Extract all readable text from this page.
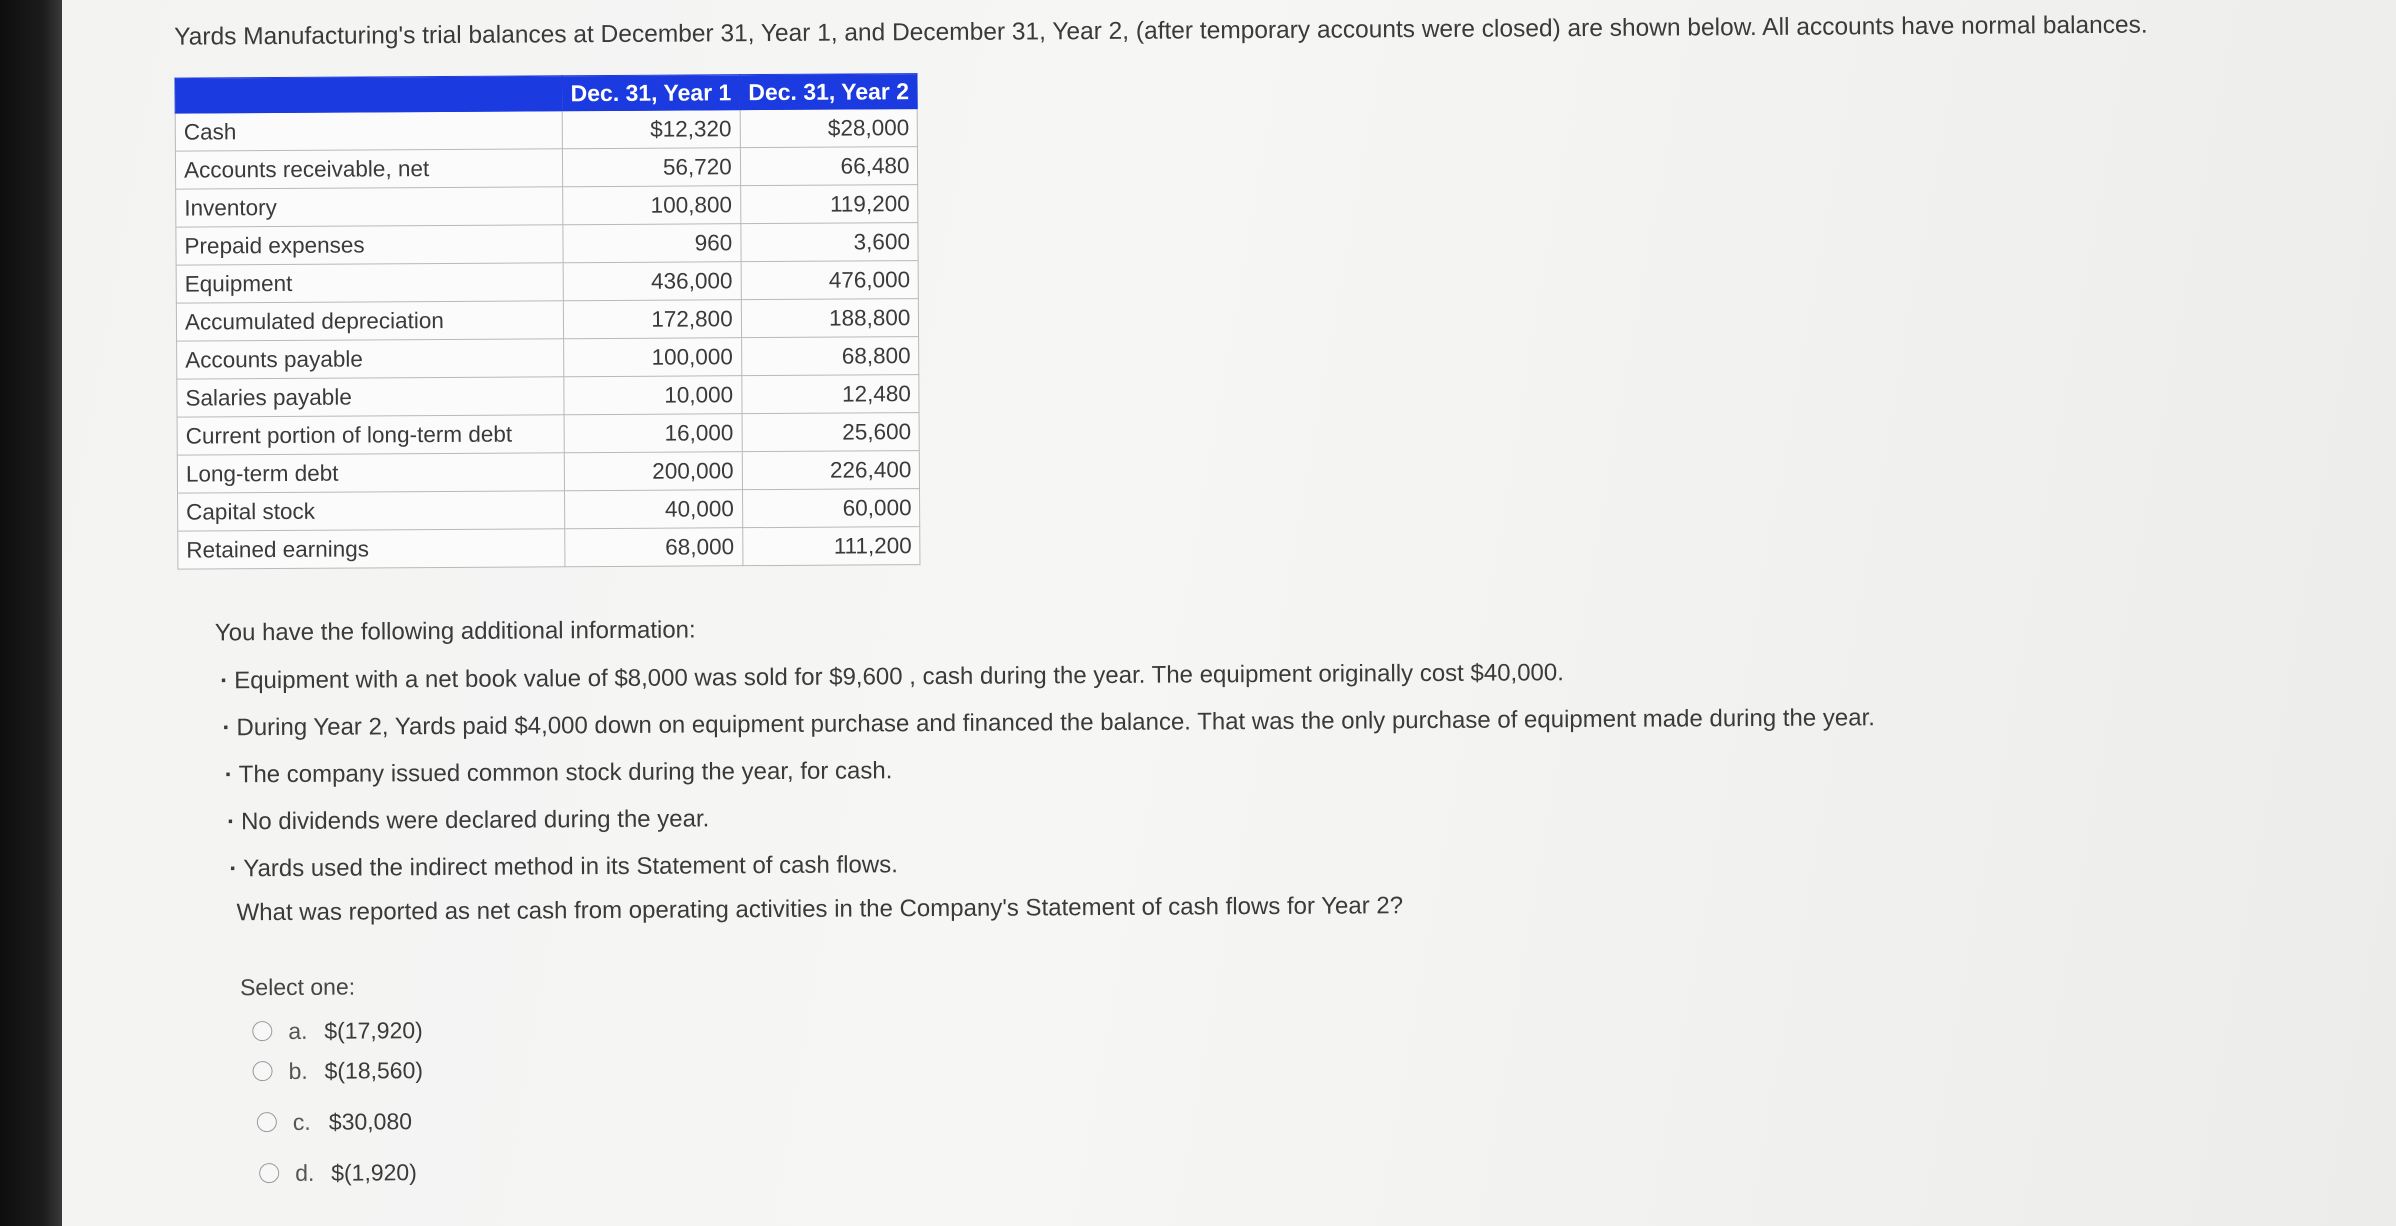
Yards Manufacturing's trial balances at December 31, Year 1, and December 31, Year 2, (after temporary accounts were closed) are shown below. All accounts have normal balances.
	Dec. 31, Year 1	Dec. 31, Year 2
Cash	$12,320	$28,000
Accounts receivable, net	56,720	66,480
Inventory	100,800	119,200
Prepaid expenses	960	3,600
Equipment	436,000	476,000
Accumulated depreciation	172,800	188,800
Accounts payable	100,000	68,800
Salaries payable	10,000	12,480
Current portion of long-term debt	16,000	25,600
Long-term debt	200,000	226,400
Capital stock	40,000	60,000
Retained earnings	68,000	111,200
You have the following additional information:
· Equipment with a net book value of $8,000 was sold for $9,600 , cash during the year. The equipment originally cost $40,000.
· During Year 2, Yards paid $4,000 down on equipment purchase and financed the balance. That was the only purchase of equipment made during the year.
· The company issued common stock during the year, for cash.
· No dividends were declared during the year.
· Yards used the indirect method in its Statement of cash flows.
What was reported as net cash from operating activities in the Company's Statement of cash flows for Year 2?
Select one:
a. $(17,920)
b. $(18,560)
c. $30,080
d. $(1,920)
